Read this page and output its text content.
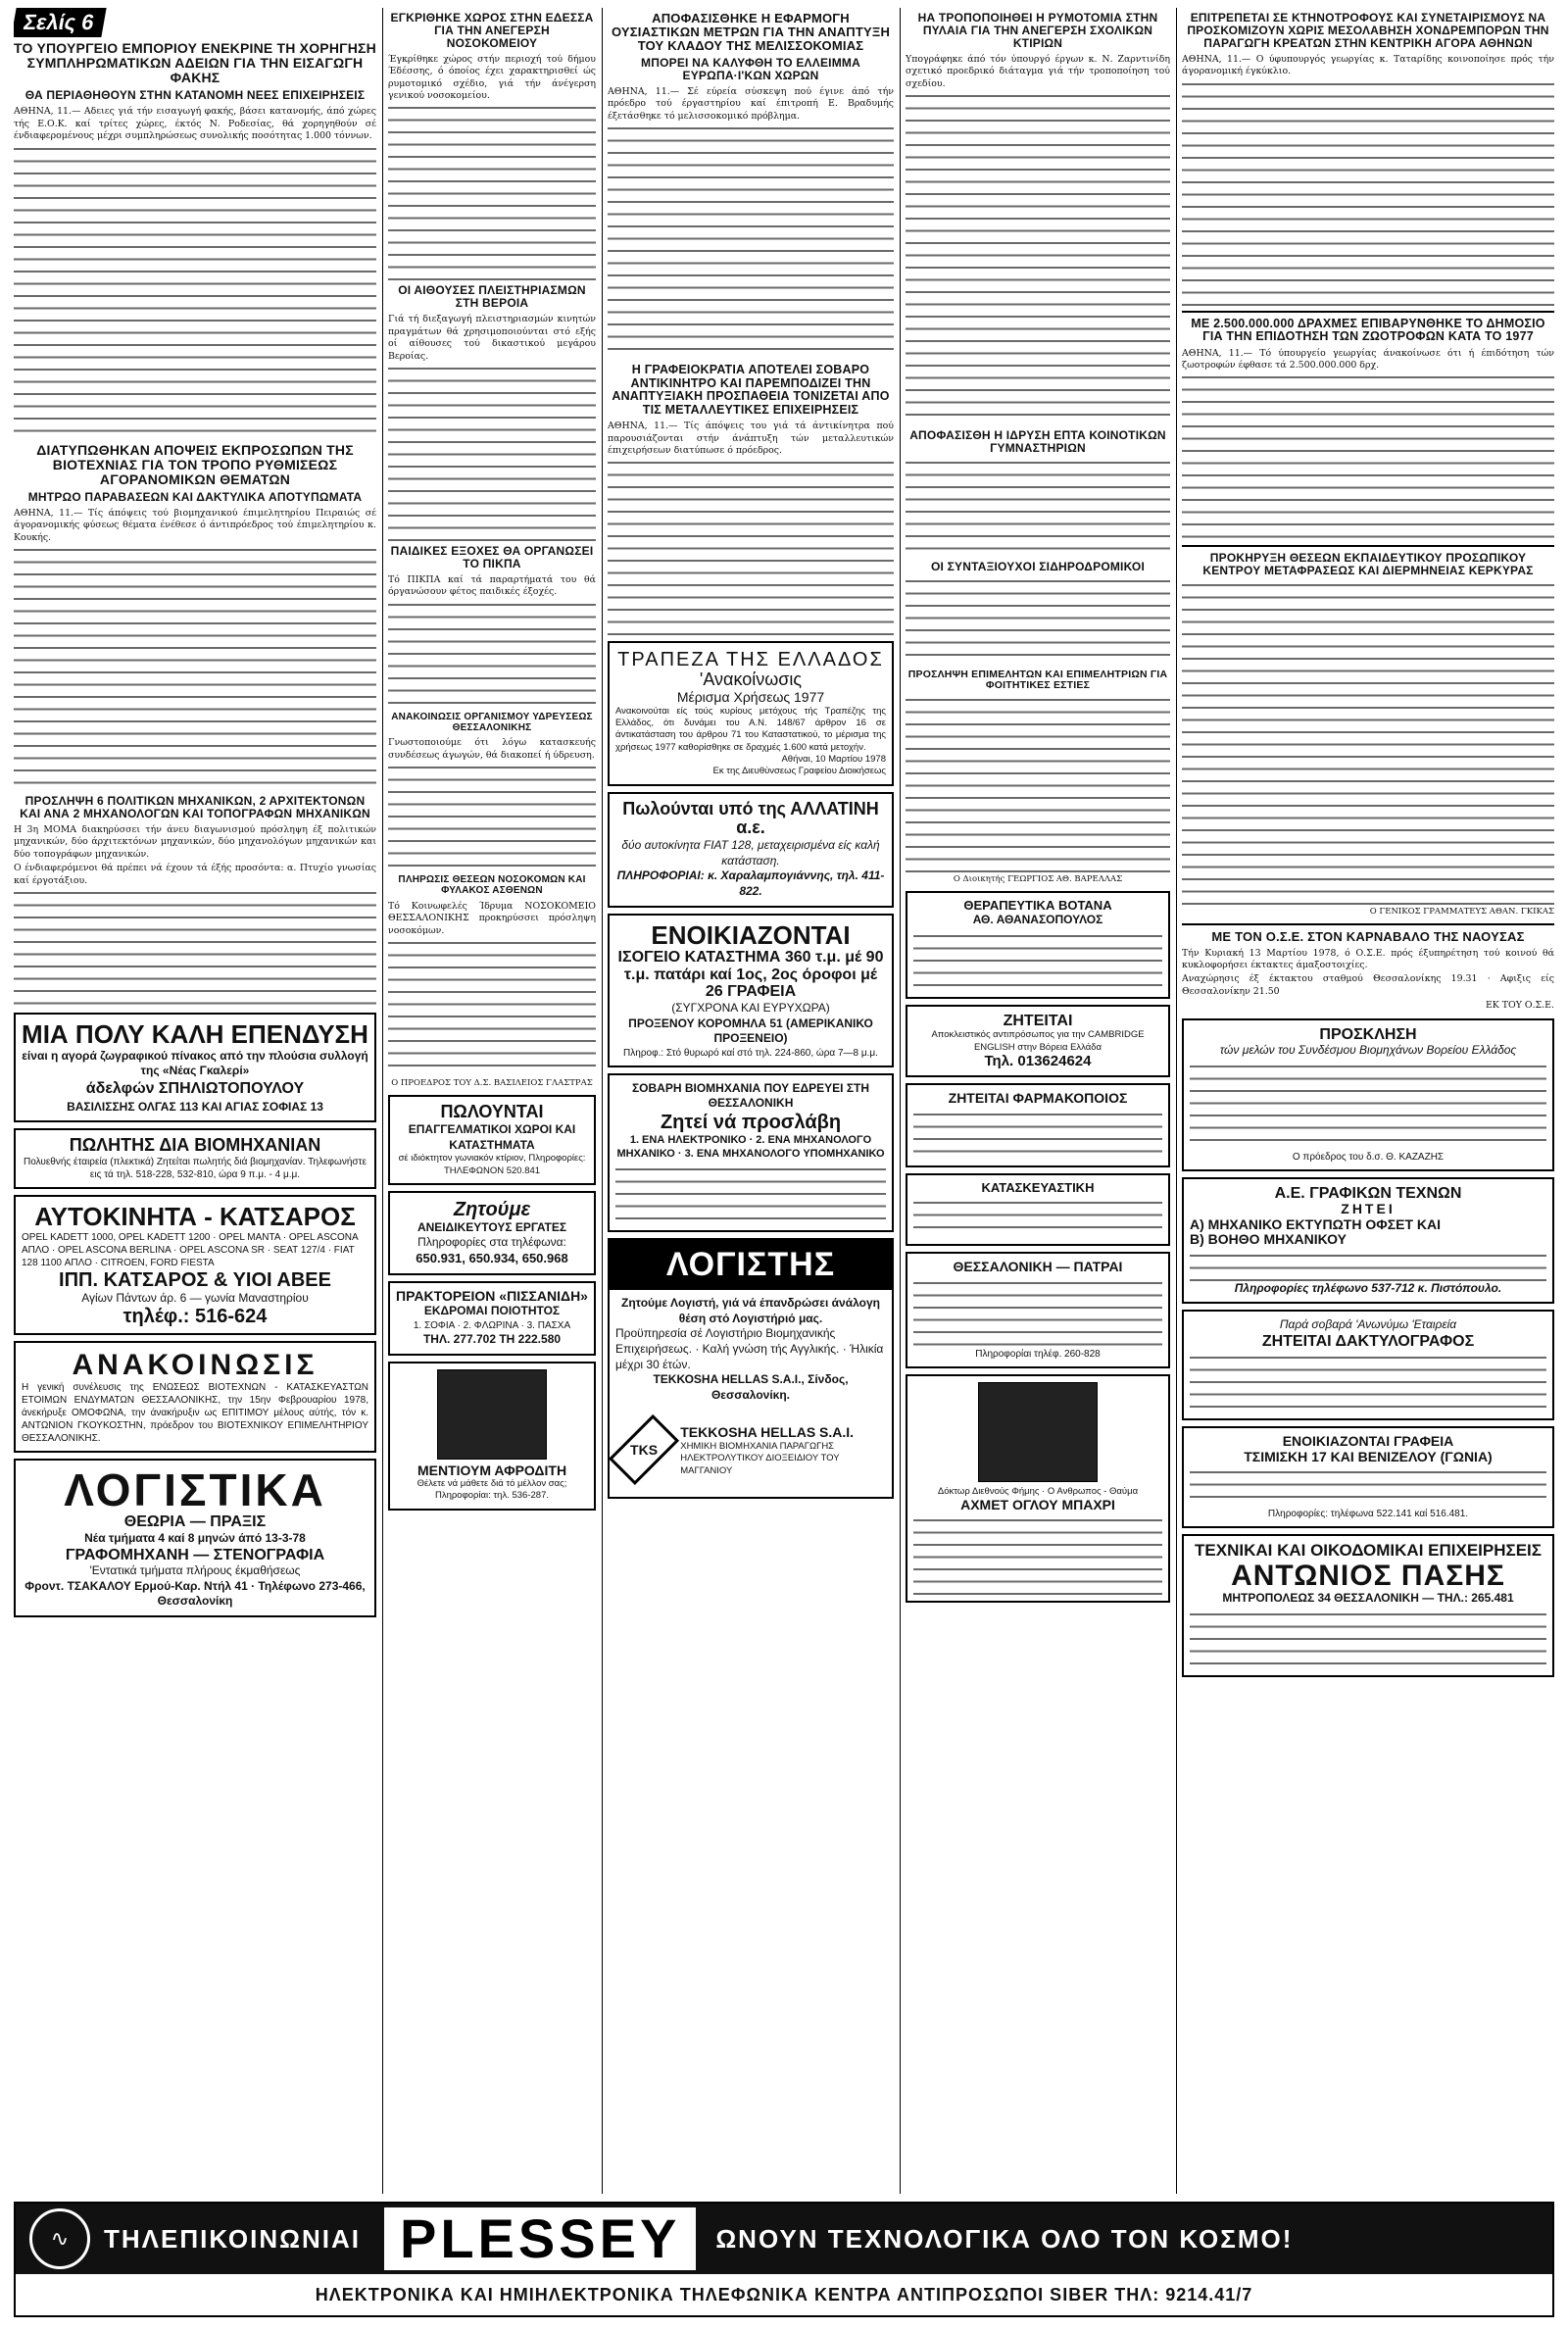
Σελίς 6
ΤΟ ΥΠΟΥΡΓΕΙΟ ΕΜΠΟΡΙΟΥ ΕΝΕΚΡΙΝΕ ΤΗ ΧΟΡΗΓΗΣΗ ΣΥΜΠΛΗΡΩΜΑΤΙΚΩΝ ΑΔΕΙΩΝ ΓΙΑ ΤΗΝ ΕΙΣΑΓΩΓΗ ΦΑΚΗΣ
ΘΑ ΠΕΡΙΑΘΗΘΟΥΝ ΣΤΗΝ ΚΑΤΑΝΟΜΗ ΝΕΕΣ ΕΠΙΧΕΙΡΗΣΕΙΣ

ΑΘΗΝΑ, 11.— Αδειες γιά τήν εισαγωγή φακής, βάσει κατανομής, άπό χώρες τής Ε.Ο.Κ. καί τρίτες χώρες, έκτός Ν. Ροδεσίας, θά χορηγηθούν σέ ένδιαφερομένους μέχρι συμπληρώσεως συνολικής ποσότητας 1.000 τόννων.

ΔΙΑΤΥΠΩΘΗΚΑΝ ΑΠΟΨΕΙΣ ΕΚΠΡΟΣΩΠΩΝ ΤΗΣ ΒΙΟΤΕΧΝΙΑΣ ΓΙΑ ΤΟΝ ΤΡΟΠΟ ΡΥΘΜΙΣΕΩΣ ΑΓΟΡΑΝΟΜΙΚΩΝ ΘΕΜΑΤΩΝ
ΜΗΤΡΩΟ ΠΑΡΑΒΑΣΕΩΝ ΚΑΙ ΔΑΚΤΥΛΙΚΑ ΑΠΟΤΥΠΩΜΑΤΑ

ΑΘΗΝΑ, 11.— Τίς άπόψεις τού βιομηχανικού έπιμελητηρίου Πειραιώς σέ άγορανομικής φύσεως θέματα ένέθεσε ό άντιπρόεδρος τού έπιμελητηρίου κ. Κουκής.

ΠΡΟΣΛΗΨΗ 6 ΠΟΛΙΤΙΚΩΝ ΜΗΧΑΝΙΚΩΝ, 2 ΑΡΧΙΤΕΚΤΟΝΩΝ ΚΑΙ ΑΝΑ 2 ΜΗΧΑΝΟΛΟΓΩΝ ΚΑΙ ΤΟΠΟΓΡΑΦΩΝ ΜΗΧΑΝΙΚΩΝ

Η 3η ΜΟΜΑ διακηρύσσει τήν άνευ διαγωνισμού πρόσληψη έξ πολιτικών μηχανικών, δύο άρχιτεκτόνων μηχανικών, δύο μηχανολόγων μηχανικών και δύο τοπογράφων μηχανικών.

Ο ένδιαφερόμενοι θά πρέπει νά έχουν τά έξής προσόντα: α. Πτυχίο γνωσίας καί έργοτάξιου.

ΜΙΑ ΠΟΛΥ ΚΑΛΗ ΕΠΕΝΔΥΣΗ
είναι η αγορά ζωγραφικού πίνακος από την πλούσια συλλογή της «Νέας Γκαλερί»
άδελφών ΣΠΗΛΙΩΤΟΠΟΥΛΟΥ
ΒΑΣΙΛΙΣΣΗΣ ΟΛΓΑΣ 113 ΚΑΙ ΑΓΙΑΣ ΣΟΦΙΑΣ 13
ΠΩΛΗΤΗΣ ΔΙΑ ΒΙΟΜΗΧΑΝΙΑΝ
Πολυεθνής έταιρεία (πλεκτικά) Ζητείται πωλητής διά βιομηχανίαν. Τηλεφωνήστε εις τά τηλ. 518-228, 532-810, ώρα 9 π.μ. - 4 μ.μ.
ΑΥΤΟΚΙΝΗΤΑ - ΚΑΤΣΑΡΟΣ
OPEL KADETT 1000, OPEL KADETT 1200 · OPEL MANTA · OPEL ASCONA ΑΠΛΟ · OPEL ASCONA BERLINA · OPEL ASCONA SR · SEAT 127/4 · FIAT 128 1100 ΑΠΛΟ · CITROEN, FORD FIESTA
ΙΠΠ. ΚΑΤΣΑΡΟΣ & ΥΙΟΙ ΑΒΕΕ
Αγίων Πάντων άρ. 6 — γωνία Μαναστηρίου
τηλέφ.: 516-624
ΑΝΑΚΟΙΝΩΣΙΣ
Η γενική συνέλευσις της ΕΝΩΣΕΩΣ ΒΙΟΤΕΧΝΩΝ - ΚΑΤΑΣΚΕΥΑΣΤΩΝ ΕΤΟΙΜΩΝ ΕΝΔΥΜΑΤΩΝ ΘΕΣΣΑΛΟΝΙΚΗΣ, την 15ην Φεβρουαρίου 1978, άνεκήρυξε ΟΜΟΦΩΝΑ, την άνακήρυξιν ως ΕΠΙΤΙΜΟΥ μέλους αύτής, τόν κ. ΑΝΤΩΝΙΟΝ ΓΚΟΥΚΟΣΤΗΝ, πρόεδρον του ΒΙΟΤΕΧΝΙΚΟΥ ΕΠΙΜΕΛΗΤΗΡΙΟΥ ΘΕΣΣΑΛΟΝΙΚΗΣ.
ΛΟΓΙΣΤΙΚΑ
ΘΕΩΡΙΑ — ΠΡΑΞΙΣ
Νέα τμήματα 4 καί 8 μηνών άπό 13-3-78
ΓΡΑΦΟΜΗΧΑΝΗ — ΣΤΕΝΟΓΡΑΦΙΑ
'Εντατικά τμήματα πλήρους έκμαθήσεως
Φροντ. ΤΣΑΚΑΛΟΥ Ερμού-Καρ. Ντήλ 41 · Τηλέφωνο 273-466, Θεσσαλονίκη
ΕΓΚΡΙΘΗΚΕ ΧΩΡΟΣ ΣΤΗΝ ΕΔΕΣΣΑ ΓΙΑ ΤΗΝ ΑΝΕΓΕΡΣΗ ΝΟΣΟΚΟΜΕΙΟΥ

Έγκρίθηκε χώρος στήν περιοχή τού δήμου Έδέσσης, ό όποίος έχει χαρακτηρισθεί ώς ρυμοτομικό σχέδιο, γιά τήν άνέγερση γενικού νοσοκομείου.

ΟΙ ΑΙΘΟΥΣΕΣ ΠΛΕΙΣΤΗΡΙΑΣΜΩΝ ΣΤΗ ΒΕΡΟΙΑ

Γιά τή διεξαγωγή πλειστηριασμών κινητών πραγμάτων θά χρησιμοποιούνται στό εξής οί αίθουσες τού δικαστικού μεγάρου Βεροίας.

ΠΑΙΔΙΚΕΣ ΕΞΟΧΕΣ ΘΑ ΟΡΓΑΝΩΣΕΙ ΤΟ ΠΙΚΠΑ

Τό ΠΙΚΠΑ καί τά παραρτήματά του θά όργανώσουν φέτος παιδικές έξοχές.

ΑΝΑΚΟΙΝΩΣΙΣ ΟΡΓΑΝΙΣΜΟΥ ΥΔΡΕΥΣΕΩΣ ΘΕΣΣΑΛΟΝΙΚΗΣ

Γνωστοποιούμε ότι λόγω κατασκευής συνδέσεως άγωγών, θά διακοπεί ή ύδρευση.

ΠΛΗΡΩΣΙΣ ΘΕΣΕΩΝ ΝΟΣΟΚΟΜΩΝ ΚΑΙ ΦΥΛΑΚΟΣ ΑΣΘΕΝΩΝ

Τό Κοινωφελές Ίδρυμα ΝΟΣΟΚΟΜΕΙΟ ΘΕΣΣΑΛΟΝΙΚΗΣ προκηρύσσει πρόσληψη νοσοκόμων.

Ο ΠΡΟΕΔΡΟΣ ΤΟΥ Δ.Σ. ΒΑΣΙΛΕΙΟΣ ΓΛΑΣΤΡΑΣ

ΠΩΛΟΥΝΤΑΙ
ΕΠΑΓΓΕΛΜΑΤΙΚΟΙ ΧΩΡΟΙ ΚΑΙ ΚΑΤΑΣΤΗΜΑΤΑ
σέ ιδιόκτητον γωνιακόν κτίριον, Πληροφορίες: ΤΗΛΕΦΩΝΟΝ 520.841
Ζητούμε
ΑΝΕΙΔΙΚΕΥΤΟΥΣ ΕΡΓΑΤΕΣ
Πληροφορίες στα τηλέφωνα:
650.931, 650.934, 650.968
ΠΡΑΚΤΟΡΕΙΟΝ «ΠΙΣΣΑΝΙΔΗ»
ΕΚΔΡΟΜΑΙ ΠΟΙΟΤΗΤΟΣ
1. ΣΟΦΙΑ · 2. ΦΛΩΡΙΝΑ · 3. ΠΑΣΧΑ
ΤΗΛ. 277.702 ΤΗ 222.580
ΜΕΝΤΙΟΥΜ ΑΦΡΟΔΙΤΗ
Θέλετε νά μάθετε διά τό μέλλον σας; Πληροφορίαι: τηλ. 536-287.
ΑΠΟΦΑΣΙΣΘΗΚΕ Η ΕΦΑΡΜΟΓΗ ΟΥΣΙΑΣΤΙΚΩΝ ΜΕΤΡΩΝ ΓΙΑ ΤΗΝ ΑΝΑΠΤΥΞΗ ΤΟΥ ΚΛΑΔΟΥ ΤΗΣ ΜΕΛΙΣΣΟΚΟΜΙΑΣ
ΜΠΟΡΕΙ ΝΑ ΚΑΛΥΦΘΗ ΤΟ ΕΛΛΕΙΜΜΑ ΕΥΡΩΠΑ·Ι'ΚΩΝ ΧΩΡΩΝ

ΑΘΗΝΑ, 11.— Σέ εύρεία σύσκεψη πού έγινε άπό τήν πρόεδρο τού έργαστηρίου καί έπιτροπή Ε. Βραδυμής έξετάσθηκε τό μελισσοκομικό πρόβλημα.

Η ΓΡΑΦΕΙΟΚΡΑΤΙΑ ΑΠΟΤΕΛΕΙ ΣΟΒΑΡΟ ΑΝΤΙΚΙΝΗΤΡΟ ΚΑΙ ΠΑΡΕΜΠΟΔΙΖΕΙ ΤΗΝ ΑΝΑΠΤΥΞΙΑΚΗ ΠΡΟΣΠΑΘΕΙΑ ΤΟΝΙΖΕΤΑΙ ΑΠΟ ΤΙΣ ΜΕΤΑΛΛΕΥΤΙΚΕΣ ΕΠΙΧΕΙΡΗΣΕΙΣ

ΑΘΗΝΑ, 11.— Τίς άπόψεις του γιά τά άντικίνητρα πού παρουσιάζονται στήν άνάπτυξη τών μεταλλευτικών έπιχειρήσεων διατύπωσε ό πρόεδρος.

ΤΡΑΠΕΖΑ ΤΗΣ ΕΛΛΑΔΟΣ
'Ανακοίνωσις
Μέρισμα Χρήσεως 1977
Ανακοινούται είς τούς κυρίους μετόχους τής Τραπέζης της Ελλάδος, ότι δυνάμει του Α.Ν. 148/67 άρθρον 16 σε άντικατάσταση του άρθρου 71 του Καταστατικού, το μέρισμα της χρήσεως 1977 καθορίσθηκε σε δραχμές 1.600 κατά μετοχήν.
Αθήναι, 10 Μαρτίου 1978
Εκ της Διευθύνσεως Γραφείου Διοικήσεως
Πωλούνται υπό της ΑΛΛΑΤΙΝΗ α.ε.
δύο αυτοκίνητα FIAT 128, μεταχειρισμένα είς καλή κατάσταση.
ΠΛΗΡΟΦΟΡΙΑΙ: κ. Χαραλαμπογιάννης, τηλ. 411-822.
ΕΝΟΙΚΙΑΖΟΝΤΑΙ
ΙΣΟΓΕΙΟ ΚΑΤΑΣΤΗΜΑ 360 τ.μ. μέ 90 τ.μ. πατάρι καί 1ος, 2ος όροφοι μέ 26 ΓΡΑΦΕΙΑ
(ΣΥΓΧΡΟΝΑ ΚΑΙ ΕΥΡΥΧΩΡΑ)
ΠΡΟΞΕΝΟΥ ΚΟΡΟΜΗΛΑ 51 (ΑΜΕΡΙΚΑΝΙΚΟ ΠΡΟΞΕΝΕΙΟ)
Πληροφ.: Στό θυρωρό καί στό τηλ. 224-860, ώρα 7—8 μ.μ.
ΣΟΒΑΡΗ ΒΙΟΜΗΧΑΝΙΑ ΠΟΥ ΕΔΡΕΥΕΙ ΣΤΗ ΘΕΣΣΑΛΟΝΙΚΗ
Ζητεί νά προσλάβη
1. ΕΝΑ ΗΛΕΚΤΡΟΝΙΚΟ · 2. ΕΝΑ ΜΗΧΑΝΟΛΟΓΟ ΜΗΧΑΝΙΚΟ · 3. ΕΝΑ ΜΗΧΑΝΟΛΟΓΟ ΥΠΟΜΗΧΑΝΙΚΟ
ΛΟΓΙΣΤΗΣ
Ζητούμε Λογιστή, γιά νά έπανδρώσει άνάλογη θέση στό Λογιστήριό μας.
Προϋπηρεσία σέ Λογιστήριο Βιομηχανικής Επιχειρήσεως. · Καλή γνώση τής Αγγλικής. · Ήλικία μέχρι 30 έτών.
ΤΕΚΚΟSHA HELLAS S.A.I., Σίνδος, Θεσσαλονίκη.
TKS
TEKKOSHA HELLAS S.A.I.
ΧΗΜΙΚΗ ΒΙΟΜΗΧΑΝΙΑ ΠΑΡΑΓΩΓΗΣ ΗΛΕΚΤΡΟΛΥΤΙΚΟΥ ΔΙΟΞΕΙΔΙΟΥ ΤΟΥ ΜΑΓΓΑΝΙΟΥ
ΗΑ ΤΡΟΠΟΠΟΙΗΘΕΙ Η ΡΥΜΟΤΟΜΙΑ ΣΤΗΝ ΠΥΛΑΙΑ ΓΙΑ ΤΗΝ ΑΝΕΓΕΡΣΗ ΣΧΟΛΙΚΩΝ ΚΤΙΡΙΩΝ

Υπογράφηκε άπό τόν ύπουργό έργων κ. Ν. Ζαρντινίδη σχετικό προεδρικό διάταγμα γιά τήν τροποποίηση τού σχεδίου.

ΑΠΟΦΑΣΙΣΘΗ Η ΙΔΡΥΣΗ ΕΠΤΑ ΚΟΙΝΟΤΙΚΩΝ ΓΥΜΝΑΣΤΗΡΙΩΝ
ΟΙ ΣΥΝΤΑΞΙΟΥΧΟΙ ΣΙΔΗΡΟΔΡΟΜΙΚΟΙ
ΠΡΟΣΛΗΨΗ ΕΠΙΜΕΛΗΤΩΝ ΚΑΙ ΕΠΙΜΕΛΗΤΡΙΩΝ ΓΙΑ ΦΟΙΤΗΤΙΚΕΣ ΕΣΤΙΕΣ

Ο Διοικητής ΓΕΩΡΓΙΟΣ ΑΘ. ΒΑΡΕΛΛΑΣ

ΘΕΡΑΠΕΥΤΙΚΑ ΒΟΤΑΝΑ
ΑΘ. ΑΘΑΝΑΣΟΠΟΥΛΟΣ
ΖΗΤΕΙΤΑΙ
Αποκλειστικός αντιπρόσωπος για την CAMBRIDGE ENGLISH στην Βόρεια Ελλάδα
Τηλ. 013624624
ΖΗΤΕΙΤΑΙ ΦΑΡΜΑΚΟΠΟΙΟΣ
ΚΑΤΑΣΚΕΥΑΣΤΙΚΗ
ΘΕΣΣΑΛΟΝΙΚΗ — ΠΑΤΡΑΙ
Πληροφορίαι τηλέφ. 260-828
Δόκτωρ Διεθνούς Φήμης · Ο Ανθρωπος - Θαύμα
ΑΧΜΕΤ ΟΓΛΟΥ ΜΠΑΧΡΙ
ΕΠΙΤΡΕΠΕΤΑΙ ΣΕ ΚΤΗΝΟΤΡΟΦΟΥΣ ΚΑΙ ΣΥΝΕΤΑΙΡΙΣΜΟΥΣ ΝΑ ΠΡΟΣΚΟΜΙΖΟΥΝ ΧΩΡΙΣ ΜΕΣΟΛΑΒΗΣΗ ΧΟΝΔΡΕΜΠΟΡΩΝ ΤΗΝ ΠΑΡΑΓΩΓΗ ΚΡΕΑΤΩΝ ΣΤΗΝ ΚΕΝΤΡΙΚΗ ΑΓΟΡΑ ΑΘΗΝΩΝ

ΑΘΗΝΑ, 11.— Ο ύφυπουργός γεωργίας κ. Ταταρίδης κοινοποίησε πρός τήν άγορανομική έγκύκλιο.

ΜΕ 2.500.000.000 ΔΡΑΧΜΕΣ ΕΠΙΒΑΡΥΝΘΗΚΕ ΤΟ ΔΗΜΟΣΙΟ ΓΙΑ ΤΗΝ ΕΠΙΔΟΤΗΣΗ ΤΩΝ ΖΩΟΤΡΟΦΩΝ ΚΑΤΑ ΤΟ 1977

ΑΘΗΝΑ, 11.— Τό ύπουργείο γεωργίας άνακοίνωσε ότι ή έπιδότηση τών ζωοτροφών έφθασε τά 2.500.000.000 δρχ.

ΠΡΟΚΗΡΥΞΗ ΘΕΣΕΩΝ ΕΚΠΑΙΔΕΥΤΙΚΟΥ ΠΡΟΣΩΠΙΚΟΥ ΚΕΝΤΡΟΥ ΜΕΤΑΦΡΑΣΕΩΣ ΚΑΙ ΔΙΕΡΜΗΝΕΙΑΣ ΚΕΡΚΥΡΑΣ

Ο ΓΕΝΙΚΟΣ ΓΡΑΜΜΑΤΕΥΣ ΑΘΑΝ. ΓΚΙΚΑΣ

ΜΕ ΤΟΝ Ο.Σ.Ε. ΣΤΟΝ ΚΑΡΝΑΒΑΛΟ ΤΗΣ ΝΑΟΥΣΑΣ

Τήν Κυριακή 13 Μαρτίου 1978, ό Ο.Σ.Ε. πρός έξυπηρέτηση τού κοινού θά κυκλοφορήσει έκτακτες άμαξοστοιχίες.

Αναχώρησις έξ έκτακτου σταθμού Θεσσαλονίκης 19.31 · Αφιξις είς Θεσσαλονίκην 21.50

ΕΚ ΤΟΥ Ο.Σ.Ε.

ΠΡΟΣΚΛΗΣΗ
τών μελών του Συνδέσμου Βιομηχάνων Βορείου Ελλάδος
Ο πρόεδρος του δ.σ. Θ. ΚΑΖΑΖΗΣ
Α.Ε. ΓΡΑΦΙΚΩΝ ΤΕΧΝΩΝ
ΖΗΤΕΙ
Α) ΜΗΧΑΝΙΚΟ ΕΚΤΥΠΩΤΗ ΟΦΣΕΤ ΚΑΙ
Β) ΒΟΗΘΟ ΜΗΧΑΝΙΚΟΥ
Πληροφορίες τηλέφωνο 537-712 κ. Πιστόπουλο.
Παρά σοβαρά 'Ανωνύμω 'Εταιρεία
ΖΗΤΕΙΤΑΙ ΔΑΚΤΥΛΟΓΡΑΦΟΣ
ΕΝΟΙΚΙΑΖΟΝΤΑΙ ΓΡΑΦΕΙΑ
ΤΣΙΜΙΣΚΗ 17 ΚΑΙ ΒΕΝΙΖΕΛΟΥ (ΓΩΝΙΑ)
Πληροφορίες: τηλέφωνα 522.141 καί 516.481.
ΤΕΧΝΙΚΑΙ ΚΑΙ ΟΙΚΟΔΟΜΙΚΑΙ ΕΠΙΧΕΙΡΗΣΕΙΣ
ΑΝΤΩΝΙΟΣ ΠΑΣΗΣ
ΜΗΤΡΟΠΟΛΕΩΣ 34 ΘΕΣΣΑΛΟΝΙΚΗ — ΤΗΛ.: 265.481
∿	ΤΗΛΕΠΙΚΟΙΝΩΝΙΑΙ PLESSEY	ΩΝΟΥΝ ΤΕΧΝΟΛΟΓΙΚΑ ΟΛΟ ΤΟΝ ΚΟΣΜΟ!
ΗΛΕΚΤΡΟΝΙΚΑ ΚΑΙ ΗΜΙΗΛΕΚΤΡΟΝΙΚΑ ΤΗΛΕΦΩΝΙΚΑ ΚΕΝΤΡΑ ΑΝΤΙΠΡΟΣΩΠΟΙ SIBER ΤΗΛ: 9214.41/7
